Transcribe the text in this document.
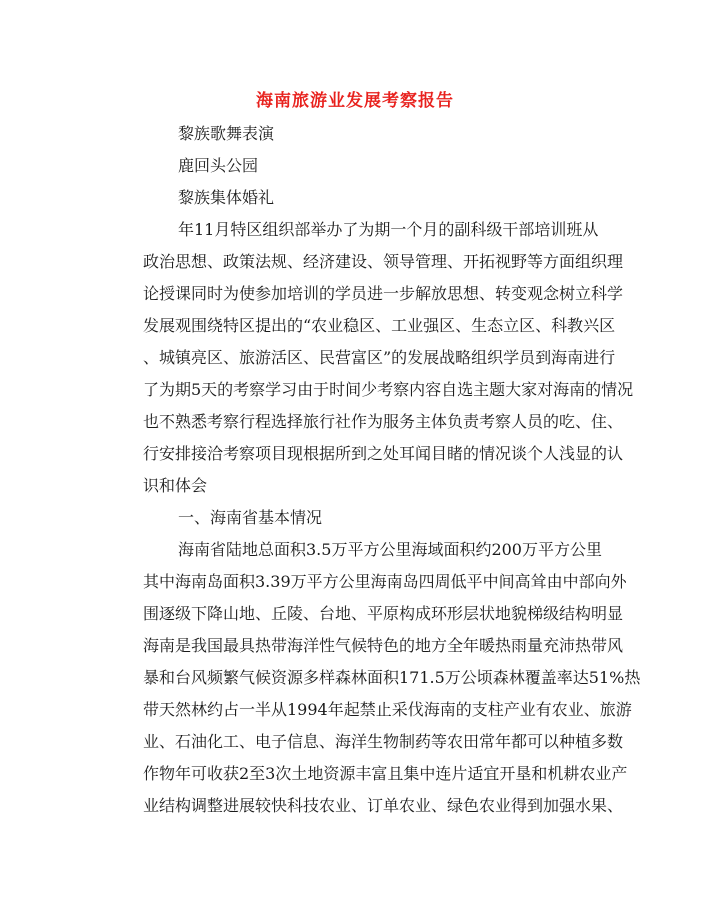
海南旅游业发展考察报告
黎族歌舞表演
鹿回头公园
黎族集体婚礼
年11月特区组织部举办了为期一个月的副科级干部培训班从
政治思想、政策法规、经济建设、领导管理、开拓视野等方面组织理
论授课同时为使参加培训的学员进一步解放思想、转变观念树立科学
发展观围绕特区提出的“农业稳区、工业强区、生态立区、科教兴区
、城镇亮区、旅游活区、民营富区”的发展战略组织学员到海南进行
了为期5天的考察学习由于时间少考察内容自选主题大家对海南的情况
也不熟悉考察行程选择旅行社作为服务主体负责考察人员的吃、住、
行安排接洽考察项目现根据所到之处耳闻目睹的情况谈个人浅显的认
识和体会
一、海南省基本情况
海南省陆地总面积3.5万平方公里海域面积约200万平方公里
其中海南岛面积3.39万平方公里海南岛四周低平中间高耸由中部向外
围逐级下降山地、丘陵、台地、平原构成环形层状地貌梯级结构明显
海南是我国最具热带海洋性气候特色的地方全年暖热雨量充沛热带风
暴和台风频繁气候资源多样森林面积171.5万公顷森林覆盖率达51%热
带天然林约占一半从1994年起禁止采伐海南的支柱产业有农业、旅游
业、石油化工、电子信息、海洋生物制药等农田常年都可以种植多数
作物年可收获2至3次土地资源丰富且集中连片适宜开垦和机耕农业产
业结构调整进展较快科技农业、订单农业、绿色农业得到加强水果、
